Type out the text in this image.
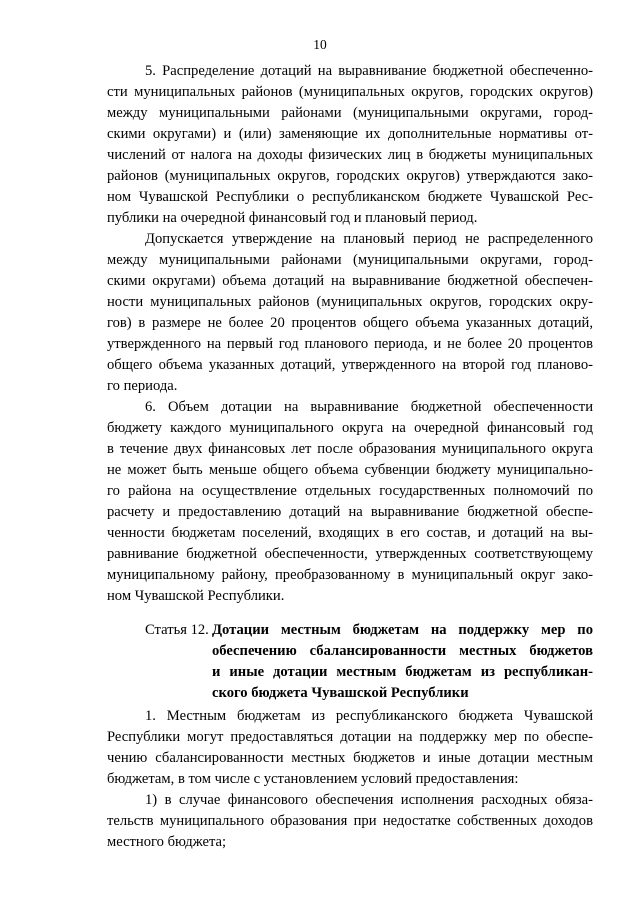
10
5. Распределение дотаций на выравнивание бюджетной обеспеченно-
сти муниципальных районов (муниципальных округов, городских округов)
между муниципальными районами (муниципальными округами, город-
скими округами) и (или) заменяющие их дополнительные нормативы от-
числений от налога на доходы физических лиц в бюджеты муниципальных
районов (муниципальных округов, городских округов) утверждаются зако-
ном Чувашской Республики о республиканском бюджете Чувашской Рес-
публики на очередной финансовый год и плановый период.
Допускается утверждение на плановый период не распределенного
между муниципальными районами (муниципальными округами, город-
скими округами) объема дотаций на выравнивание бюджетной обеспечен-
ности муниципальных районов (муниципальных округов, городских окру-
гов) в размере не более 20 процентов общего объема указанных дотаций,
утвержденного на первый год планового периода, и не более 20 процентов
общего объема указанных дотаций, утвержденного на второй год планово-
го периода.
6. Объем дотации на выравнивание бюджетной обеспеченности
бюджету каждого муниципального округа на очередной финансовый год
в течение двух финансовых лет после образования муниципального округа
не может быть меньше общего объема субвенции бюджету муниципально-
го района на осуществление отдельных государственных полномочий по
расчету и предоставлению дотаций на выравнивание бюджетной обеспе-
ченности бюджетам поселений, входящих в его состав, и дотаций на вы-
равнивание бюджетной обеспеченности, утвержденных соответствующему
муниципальному району, преобразованному в муниципальный округ зако-
ном Чувашской Республики.
Статья 12. Дотации местным бюджетам на поддержку мер по
обеспечению сбалансированности местных бюджетов
и иные дотации местным бюджетам из республикан-
ского бюджета Чувашской Республики
1. Местным бюджетам из республиканского бюджета Чувашской
Республики могут предоставляться дотации на поддержку мер по обеспе-
чению сбалансированности местных бюджетов и иные дотации местным
бюджетам, в том числе с установлением условий предоставления:
1) в случае финансового обеспечения исполнения расходных обяза-
тельств муниципального образования при недостатке собственных доходов
местного бюджета;
